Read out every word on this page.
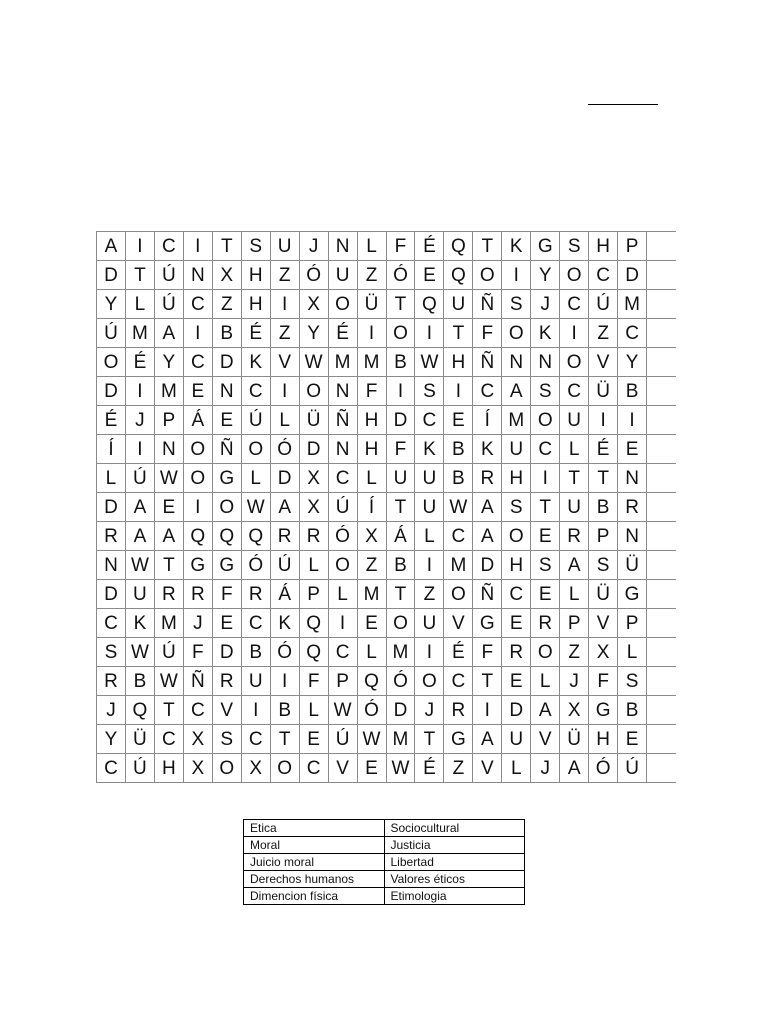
A	I	C	I	T S U J N L F É Q T K G S H P
D T Ú N X H Z Ó U Z Ó E Q O I	Y O C D
Y L Ú C Z H	I	X O Ü T Q U Ñ S J C Ú M
Ú M A	I	B É Z Y É	I O I	T F O K	I	Z C
O É Y C D K V W M M B W H Ñ N N O V Y
D	I M E N C	I O N F	I	S	I	C A S C Ü B
É J P Á E Ú L Ü Ñ H D C E	Í M O U	I	I
Í	I	N O Ñ O Ó D N H F K B K U C L É E
L Ú W O G L D X C L U U B R H	I	T T N
D A E	I O W A X Ú	Í	T U W A S T U B R
R A A Q Q Q R R Ó X Á L C A O E R P N
N W T G G Ó Ú L O Z B	I M D H S A S Ü
D U R R F R Á P L M T Z O Ñ C E L Ü G
C K M J E C K Q I	E O U V G E R P V P
S W Ú F D B Ó Q C L M I	É F R O Z X L
R B W Ñ R U	I	F P Q Ó O C T E L J F S
J Q T C V	I	B L W Ó D J R	I	D A X G B
Y Ü C X S C T E Ú W M T G A U V Ü H E
C Ú H X O X O C V E W É Z V L J A Ó Ú
Etica	Sociocultural
Moral	Justicia
Juicio moral	Libertad
Derechos humanos	Valores éticos
Dimencion física	Etimologia
